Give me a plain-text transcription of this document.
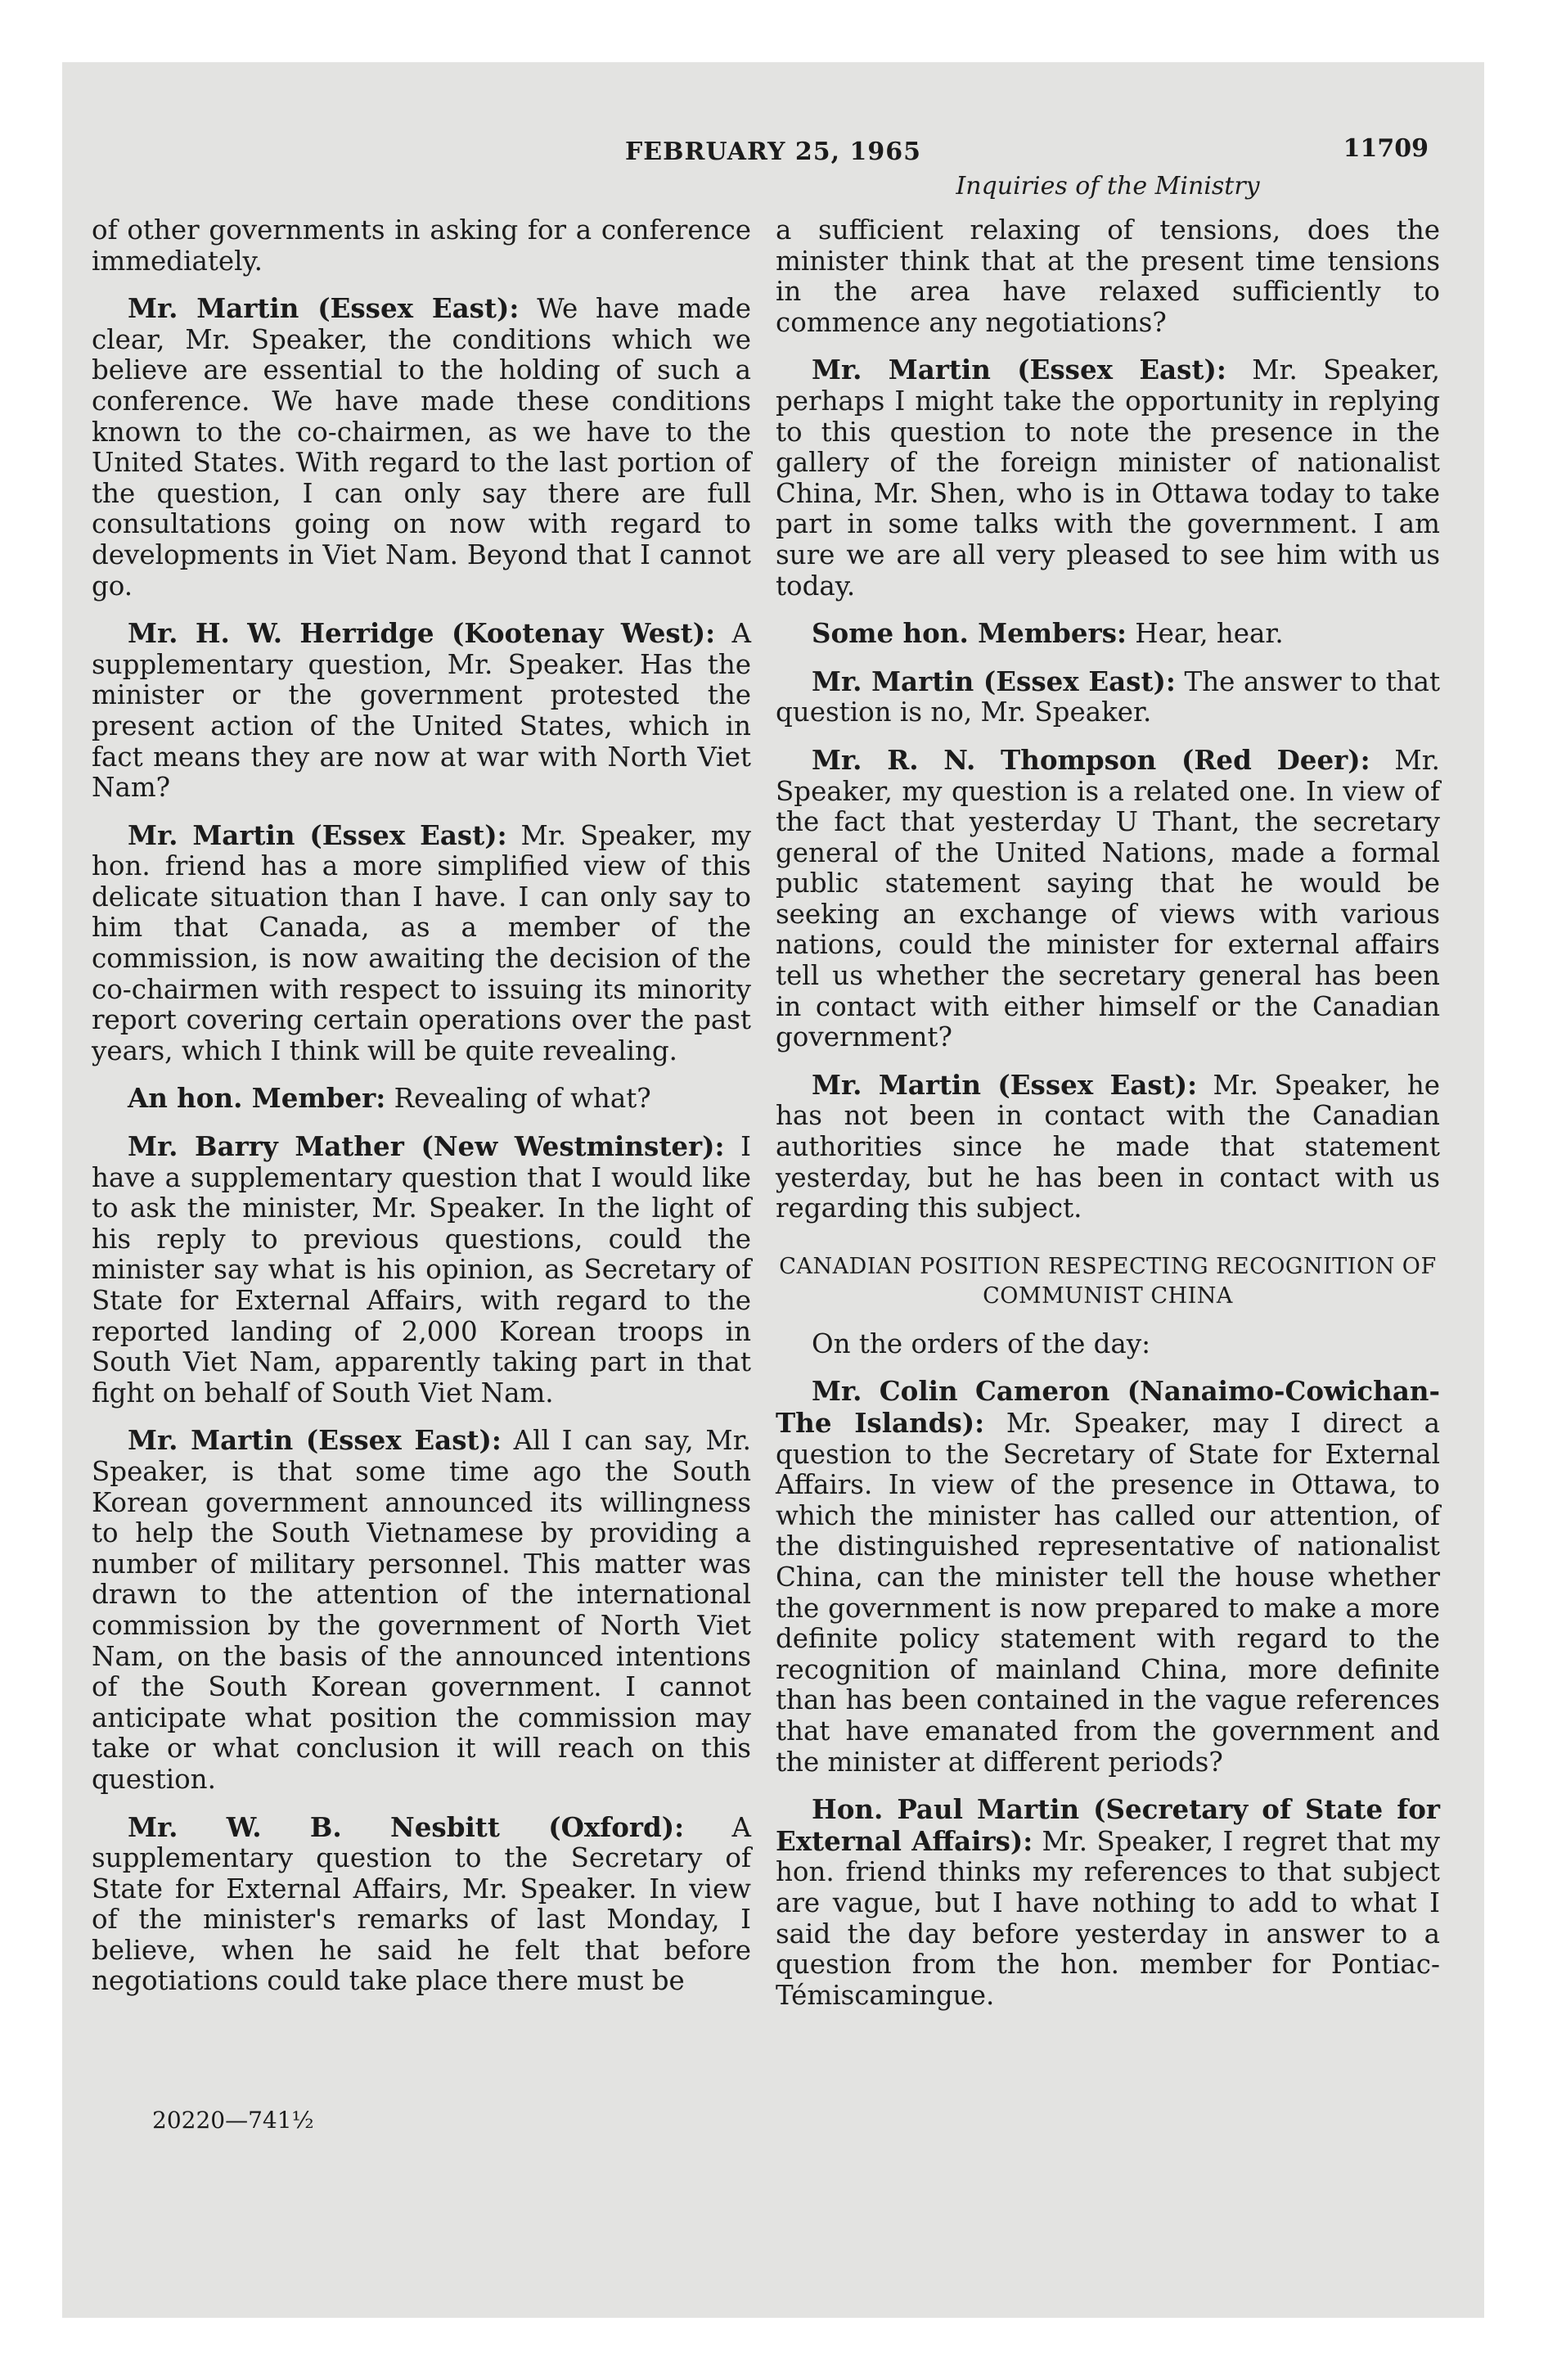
FEBRUARY 25, 1965	11709
Inquiries of the Ministry

of other governments in asking for a conference immediately.

Mr. Martin (Essex East): We have made clear, Mr. Speaker, the conditions which we believe are essential to the holding of such a conference. We have made these conditions known to the co-chairmen, as we have to the United States. With regard to the last portion of the question, I can only say there are full consultations going on now with regard to developments in Viet Nam. Beyond that I cannot go.

Mr. H. W. Herridge (Kootenay West): A supplementary question, Mr. Speaker. Has the minister or the government protested the present action of the United States, which in fact means they are now at war with North Viet Nam?

Mr. Martin (Essex East): Mr. Speaker, my hon. friend has a more simplified view of this delicate situation than I have. I can only say to him that Canada, as a member of the commission, is now awaiting the decision of the co-chairmen with respect to issuing its minority report covering certain operations over the past years, which I think will be quite revealing.

An hon. Member: Revealing of what?

Mr. Barry Mather (New Westminster): I have a supplementary question that I would like to ask the minister, Mr. Speaker. In the light of his reply to previous questions, could the minister say what is his opinion, as Secretary of State for External Affairs, with regard to the reported landing of 2,000 Korean troops in South Viet Nam, apparently taking part in that fight on behalf of South Viet Nam.

Mr. Martin (Essex East): All I can say, Mr. Speaker, is that some time ago the South Korean government announced its willingness to help the South Vietnamese by providing a number of military personnel. This matter was drawn to the attention of the international commission by the government of North Viet Nam, on the basis of the announced intentions of the South Korean government. I cannot anticipate what position the commission may take or what conclusion it will reach on this question.

Mr. W. B. Nesbitt (Oxford): A supplementary question to the Secretary of State for External Affairs, Mr. Speaker. In view of the minister's remarks of last Monday, I believe, when he said he felt that before negotiations could take place there must be

a sufficient relaxing of tensions, does the minister think that at the present time tensions in the area have relaxed sufficiently to commence any negotiations?

Mr. Martin (Essex East): Mr. Speaker, perhaps I might take the opportunity in replying to this question to note the presence in the gallery of the foreign minister of nationalist China, Mr. Shen, who is in Ottawa today to take part in some talks with the government. I am sure we are all very pleased to see him with us today.

Some hon. Members: Hear, hear.

Mr. Martin (Essex East): The answer to that question is no, Mr. Speaker.

Mr. R. N. Thompson (Red Deer): Mr. Speaker, my question is a related one. In view of the fact that yesterday U Thant, the secretary general of the United Nations, made a formal public statement saying that he would be seeking an exchange of views with various nations, could the minister for external affairs tell us whether the secretary general has been in contact with either himself or the Canadian government?

Mr. Martin (Essex East): Mr. Speaker, he has not been in contact with the Canadian authorities since he made that statement yesterday, but he has been in contact with us regarding this subject.

CANADIAN POSITION RESPECTING RECOGNITION OF COMMUNIST CHINA

On the orders of the day:

Mr. Colin Cameron (Nanaimo-Cowichan-The Islands): Mr. Speaker, may I direct a question to the Secretary of State for External Affairs. In view of the presence in Ottawa, to which the minister has called our attention, of the distinguished representative of nationalist China, can the minister tell the house whether the government is now prepared to make a more definite policy statement with regard to the recognition of mainland China, more definite than has been contained in the vague references that have emanated from the government and the minister at different periods?

Hon. Paul Martin (Secretary of State for External Affairs): Mr. Speaker, I regret that my hon. friend thinks my references to that subject are vague, but I have nothing to add to what I said the day before yesterday in answer to a question from the hon. member for Pontiac-Témiscamingue.

20220—741½
